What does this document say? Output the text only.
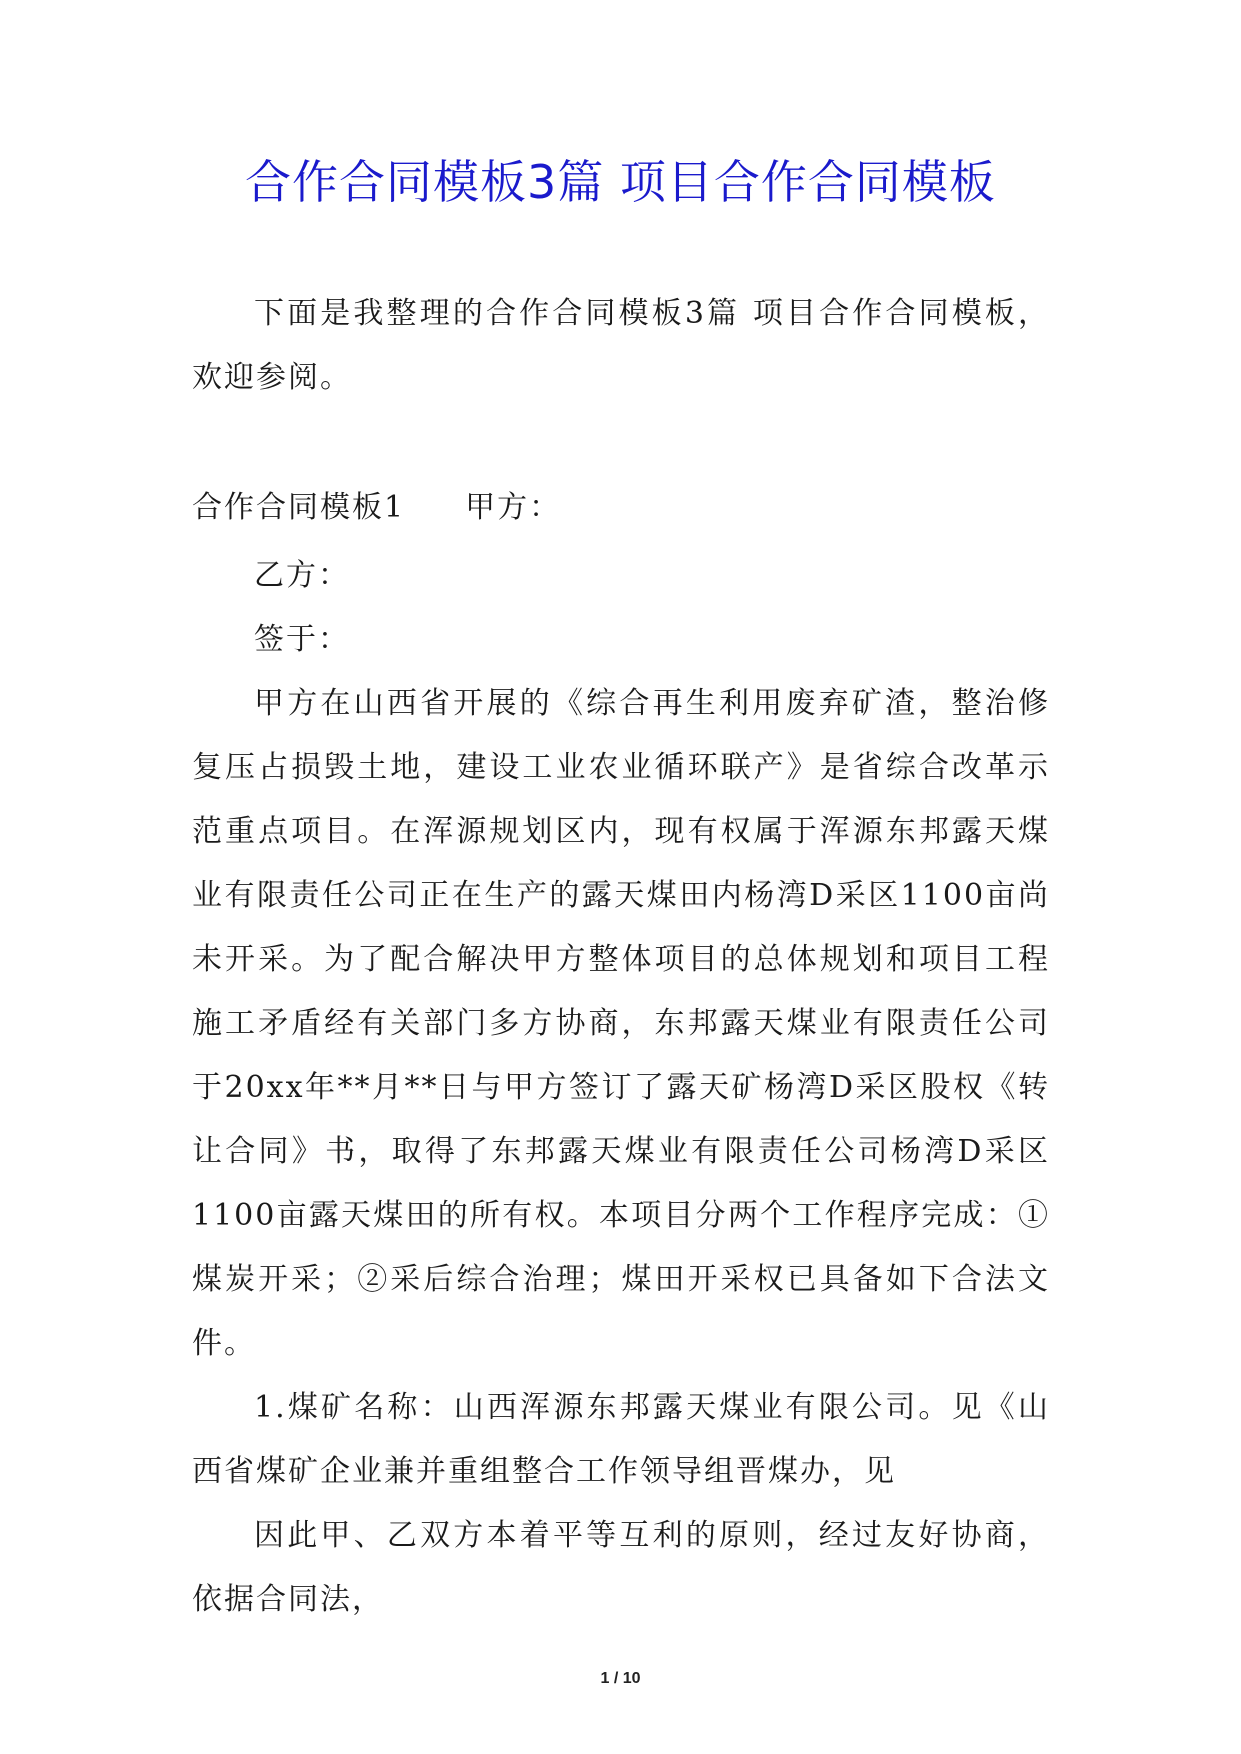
合作合同模板3篇 项目合作合同模板

下面是我整理的合作合同模板3篇 项目合作合同模板，欢迎参阅。

合作合同模板1 甲方：

乙方：

签于：

甲方在山西省开展的《综合再生利用废弃矿渣，整治修复压占损毁土地，建设工业农业循环联产》是省综合改革示范重点项目。在浑源规划区内，现有权属于浑源东邦露天煤业有限责任公司正在生产的露天煤田内杨湾D采区1100亩尚未开采。为了配合解决甲方整体项目的总体规划和项目工程施工矛盾经有关部门多方协商，东邦露天煤业有限责任公司于20xx年**月**日与甲方签订了露天矿杨湾D采区股权《转让合同》书，取得了东邦露天煤业有限责任公司杨湾D采区1100亩露天煤田的所有权。本项目分两个工作程序完成：①煤炭开采；②采后综合治理；煤田开采权已具备如下合法文件。

1.煤矿名称：山西浑源东邦露天煤业有限公司。见《山西省煤矿企业兼并重组整合工作领导组晋煤办，见

因此甲、乙双方本着平等互利的原则，经过友好协商，依据合同法，

1 / 10
